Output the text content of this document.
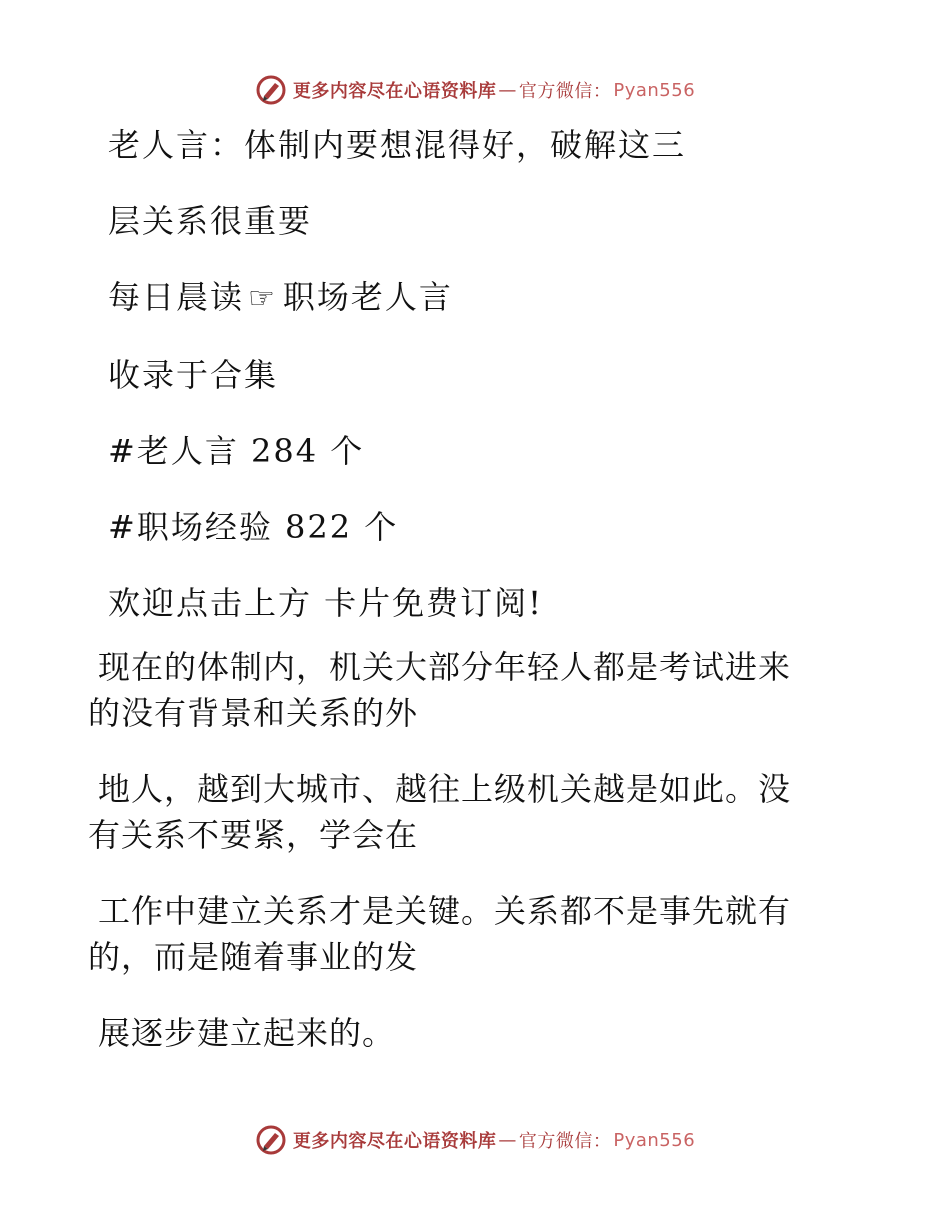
更多内容尽在心语资料库 — 官方微信： Pyan556
老人言：体制内要想混得好，破解这三
层关系很重要
每日晨读 ☞ 职场老人言
收录于合集
#老人言 284 个
#职场经验 822 个
欢迎点击上方 卡片免费订阅!
现在的体制内，机关大部分年轻人都是考试进来
的没有背景和关系的外
地人，越到大城市、越往上级机关越是如此。没
有关系不要紧，学会在
工作中建立关系才是关键。关系都不是事先就有
的，而是随着事业的发
展逐步建立起来的。
更多内容尽在心语资料库 — 官方微信： Pyan556
